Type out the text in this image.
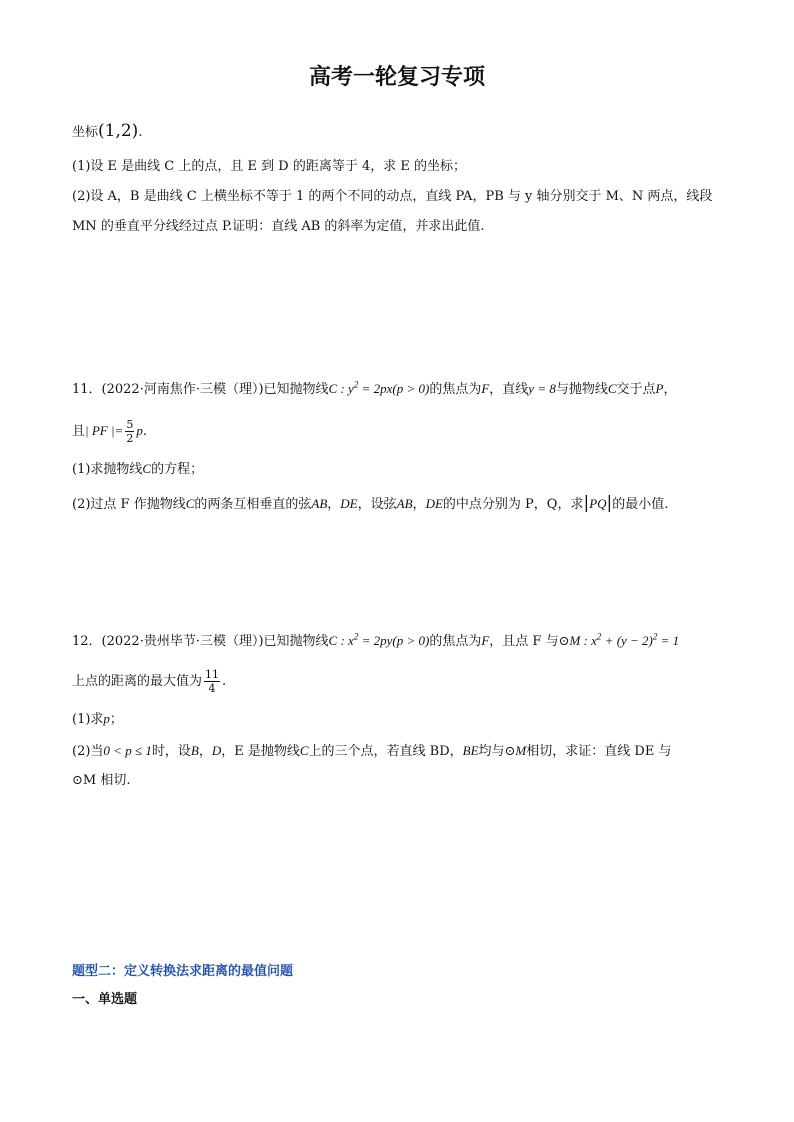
高考一轮复习专项
坐标(1,2).
(1)设 E 是曲线 C 上的点，且 E 到 D 的距离等于 4，求 E 的坐标；
(2)设 A，B 是曲线 C 上横坐标不等于 1 的两个不同的动点，直线 PA，PB 与 y 轴分别交于 M、N 两点，线段
MN 的垂直平分线经过点 P.证明：直线 AB 的斜率为定值，并求出此值.
11．(2022·河南焦作·三模（理）)已知抛物线C : $y^2 = 2px(p > 0)$的焦点为F，直线y = 8与抛物线C交于点P，
且| PF |= $\frac{5}{2} p$.
(1)求抛物线C的方程；
(2)过点 F 作抛物线C的两条互相垂直的弦AB，DE，设弦AB，DE的中点分别为 P，Q，求|PQ|的最小值.
12．(2022·贵州毕节·三模（理）)已知抛物线C : $x^2 = 2py(p > 0)$的焦点为F，且点 F 与⊙M : $x^2 + (y - 2)^2 = 1$
上点的距离的最大值为 $\frac{11}{4}$ .
(1)求p；
(2)当0 < p ≤ 1时，设B，D，E 是抛物线C上的三个点，若直线 BD，BE均与⊙M相切，求证：直线 DE 与
⊙M 相切.
题型二：定义转换法求距离的最值问题
一、单选题
